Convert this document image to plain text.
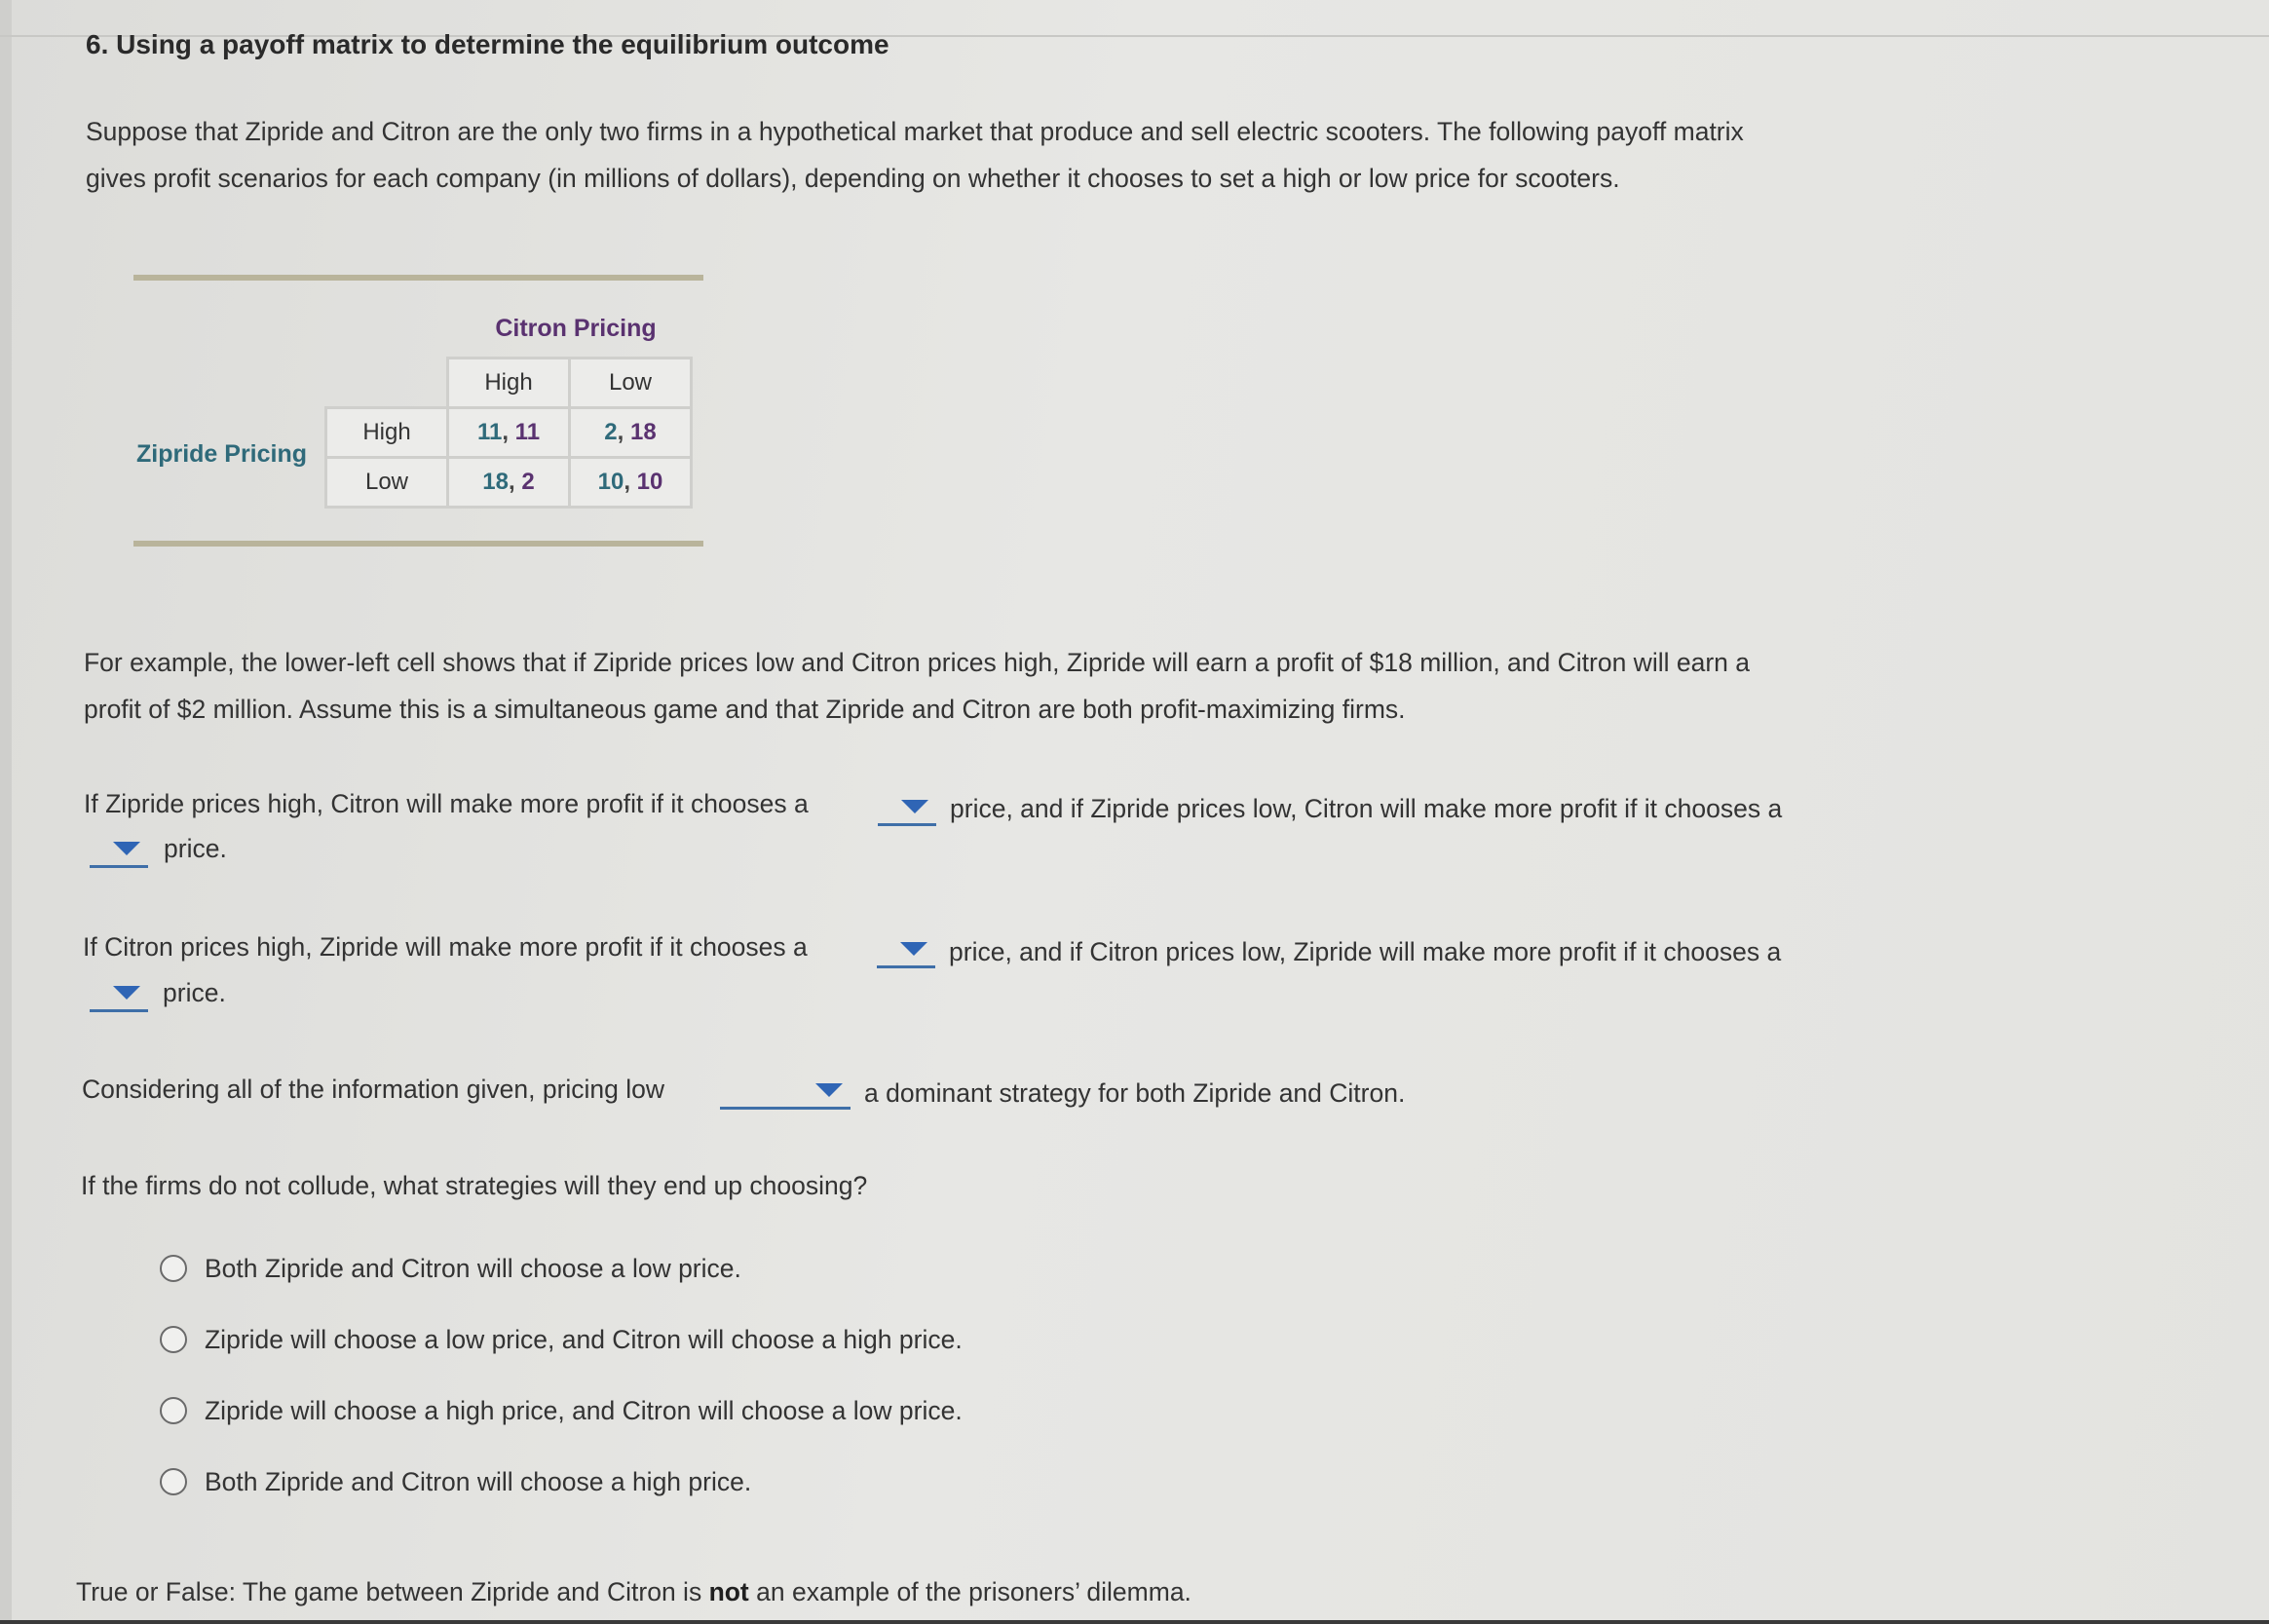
6. Using a payoff matrix to determine the equilibrium outcome
Suppose that Zipride and Citron are the only two firms in a hypothetical market that produce and sell electric scooters. The following payoff matrix
gives profit scenarios for each company (in millions of dollars), depending on whether it chooses to set a high or low price for scooters.
Citron Pricing
Zipride Pricing
	High	Low
High	11, 11	2, 18
Low	18, 2	10, 10
For example, the lower-left cell shows that if Zipride prices low and Citron prices high, Zipride will earn a profit of $18 million, and Citron will earn a
profit of $2 million. Assume this is a simultaneous game and that Zipride and Citron are both profit-maximizing firms.
If Zipride prices high, Citron will make more profit if it chooses a	price, and if Zipride prices low, Citron will make more profit if it chooses a
price.
If Citron prices high, Zipride will make more profit if it chooses a	price, and if Citron prices low, Zipride will make more profit if it chooses a
price.
Considering all of the information given, pricing low	a dominant strategy for both Zipride and Citron.
If the firms do not collude, what strategies will they end up choosing?
Both Zipride and Citron will choose a low price.
Zipride will choose a low price, and Citron will choose a high price.
Zipride will choose a high price, and Citron will choose a low price.
Both Zipride and Citron will choose a high price.
True or False: The game between Zipride and Citron is not an example of the prisoners’ dilemma.
